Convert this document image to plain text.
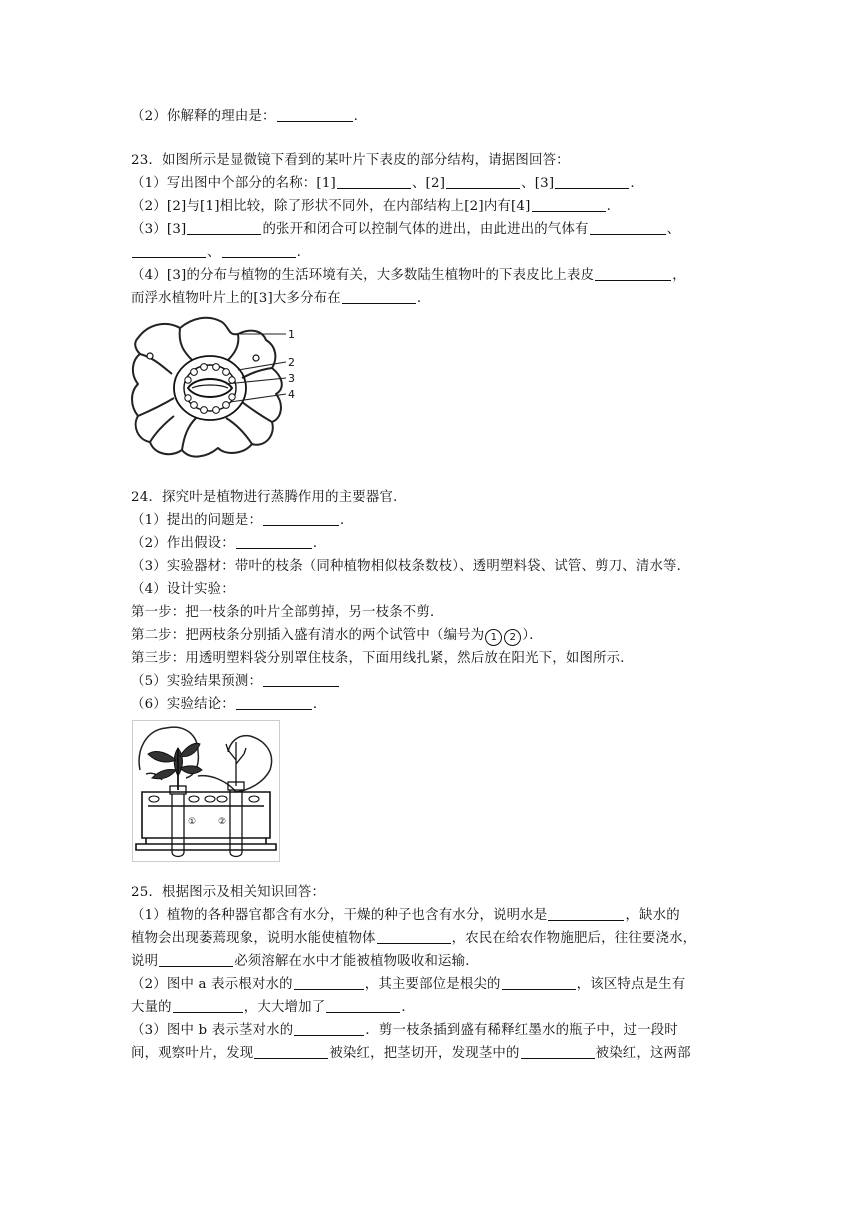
（2）你解释的理由是：	.
23．如图所示是显微镜下看到的某叶片下表皮的部分结构，请据图回答：
（1）写出图中个部分的名称：[1]	、[2]	、[3]	.
（2）[2]与[1]相比较，除了形状不同外，在内部结构上[2]内有[4]	.
（3）[3]	的张开和闭合可以控制气体的进出，由此进出的气体有	、
、	.
（4）[3]的分布与植物的生活环境有关，大多数陆生植物叶的下表皮比上表皮	，
而浮水植物叶片上的[3]大多分布在	.
1
2
3
4
24．探究叶是植物进行蒸腾作用的主要器官．
（1）提出的问题是：	．
（2）作出假设：	．
（3）实验器材：带叶的枝条（同种植物相似枝条数枝）、透明塑料袋、试管、剪刀、清水等．
（4）设计实验：
第一步：把一枝条的叶片全部剪掉，另一枝条不剪．
第二步：把两枝条分别插入盛有清水的两个试管中（编号为 1 2 ）．
第三步：用透明塑料袋分别罩住枝条，下面用线扎紧，然后放在阳光下，如图所示．
（5）实验结果预测：
（6）实验结论：	．
① ②
25．根据图示及相关知识回答：
（1）植物的各种器官都含有水分，干燥的种子也含有水分，说明水是	，缺水的
植物会出现萎蔫现象，说明水能使植物体	，农民在给农作物施肥后，往往要浇水，
说明	必须溶解在水中才能被植物吸收和运输．
（2）图中 a 表示根对水的	，其主要部位是根尖的	，该区特点是生有
大量的	，大大增加了	．
（3）图中 b 表示茎对水的	．剪一枝条插到盛有稀释红墨水的瓶子中，过一段时
间，观察叶片，发现	被染红，把茎切开，发现茎中的	被染红，这两部
